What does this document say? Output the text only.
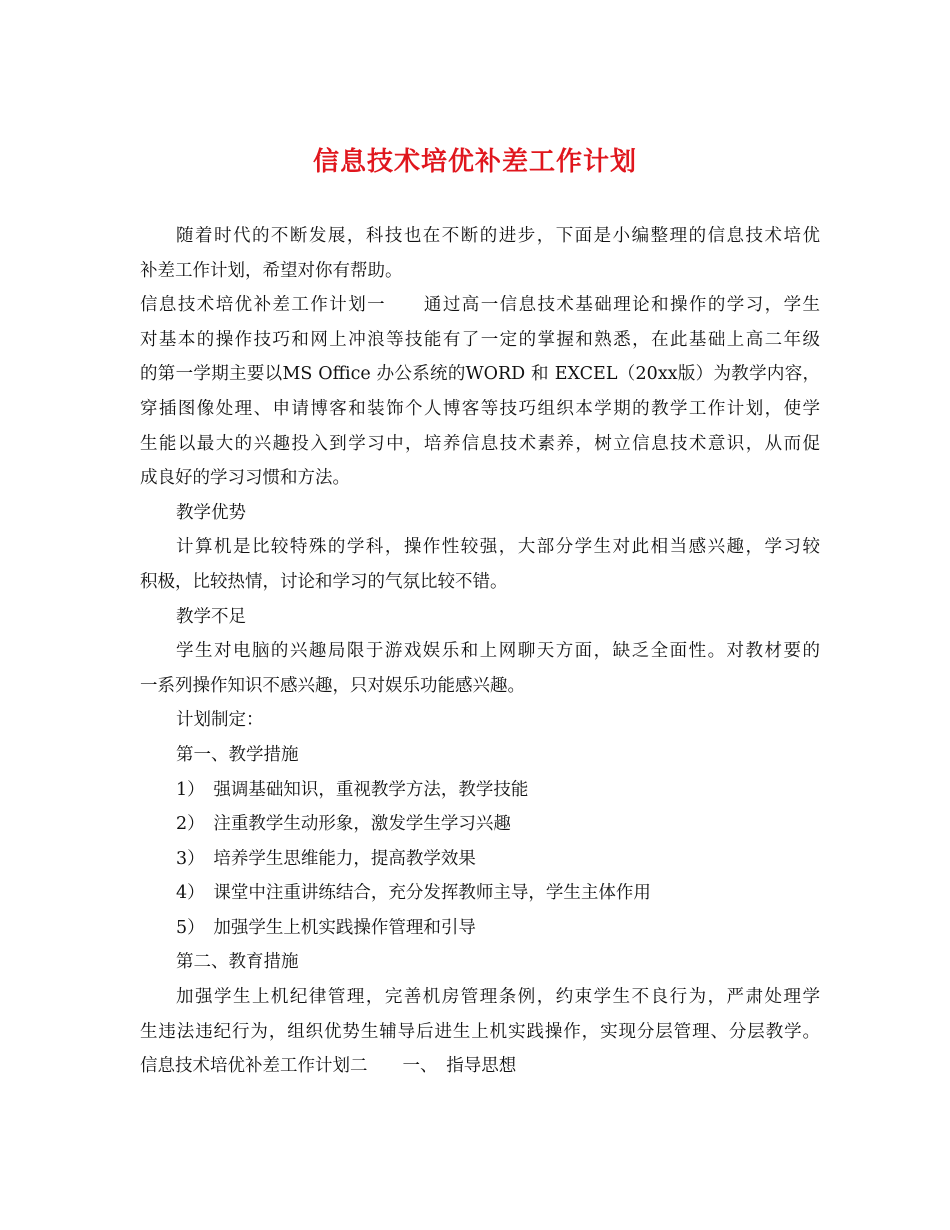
信息技术培优补差工作计划
随着时代的不断发展，科技也在不断的进步，下面是小编整理的信息技术培优
补差工作计划，希望对你有帮助。
信息技术培优补差工作计划一　　通过高一信息技术基础理论和操作的学习，学生
对基本的操作技巧和网上冲浪等技能有了一定的掌握和熟悉，在此基础上高二年级
的第一学期主要以MS Office 办公系统的WORD 和 EXCEL（20xx版）为教学内容，
穿插图像处理、申请博客和装饰个人博客等技巧组织本学期的教学工作计划，使学
生能以最大的兴趣投入到学习中，培养信息技术素养，树立信息技术意识，从而促
成良好的学习习惯和方法。
教学优势
计算机是比较特殊的学科，操作性较强，大部分学生对此相当感兴趣，学习较
积极，比较热情，讨论和学习的气氛比较不错。
教学不足
学生对电脑的兴趣局限于游戏娱乐和上网聊天方面，缺乏全面性。对教材要的
一系列操作知识不感兴趣，只对娱乐功能感兴趣。
计划制定：
第一、教学措施
1）　强调基础知识，重视教学方法，教学技能
2）　注重教学生动形象，激发学生学习兴趣
3）　培养学生思维能力，提高教学效果
4）　课堂中注重讲练结合，充分发挥教师主导，学生主体作用
5）　加强学生上机实践操作管理和引导
第二、教育措施
加强学生上机纪律管理，完善机房管理条例，约束学生不良行为，严肃处理学
生违法违纪行为，组织优势生辅导后进生上机实践操作，实现分层管理、分层教学。
信息技术培优补差工作计划二　　一、　指导思想
